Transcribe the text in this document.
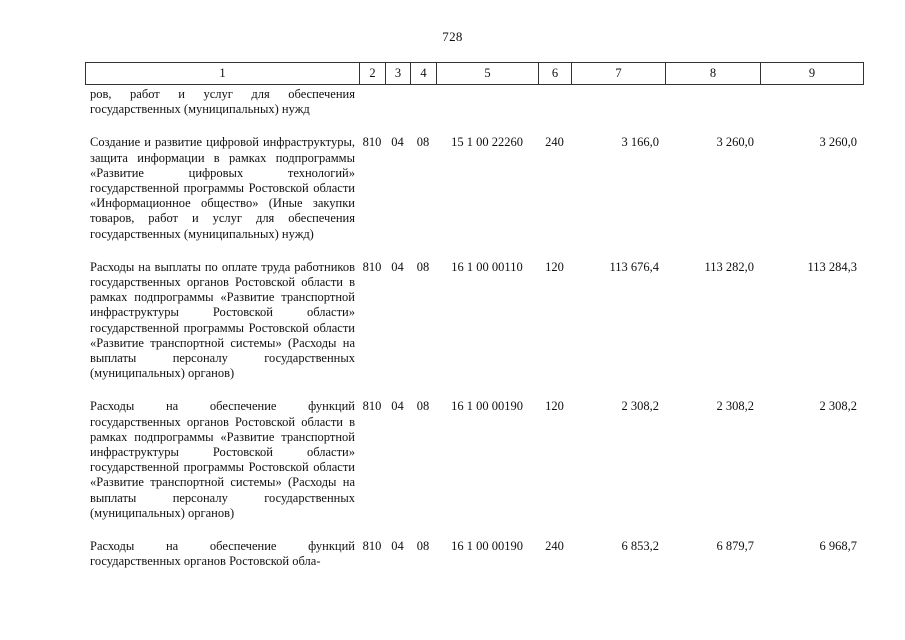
728
1	2	3	4	5	6	7	8	9
ров, работ и услуг для обеспечения государственных (муниципальных) нужд								
Создание и развитие цифровой инфраструктуры, защита информации в рамках подпрограммы «Развитие цифровых технологий» государственной программы Ростовской области «Информационное общество» (Иные закупки товаров, работ и услуг для обеспечения государственных (муниципальных) нужд)	810	04	08	15 1 00 22260	240	3 166,0	3 260,0	3 260,0
Расходы на выплаты по оплате труда работников государственных органов Ростовской области в рамках подпрограммы «Развитие транспортной инфраструктуры Ростовской области» государственной программы Ростовской области «Развитие транспортной системы» (Расходы на выплаты персоналу государственных (муниципальных) органов)	810	04	08	16 1 00 00110	120	113 676,4	113 282,0	113 284,3
Расходы на обеспечение функций государственных органов Ростовской области в рамках подпрограммы «Развитие транспортной инфраструктуры Ростовской области» государственной программы Ростовской области «Развитие транспортной системы» (Расходы на выплаты персоналу государственных (муниципальных) органов)	810	04	08	16 1 00 00190	120	2 308,2	2 308,2	2 308,2
Расходы на обеспечение функций государственных органов Ростовской обла-	810	04	08	16 1 00 00190	240	6 853,2	6 879,7	6 968,7
